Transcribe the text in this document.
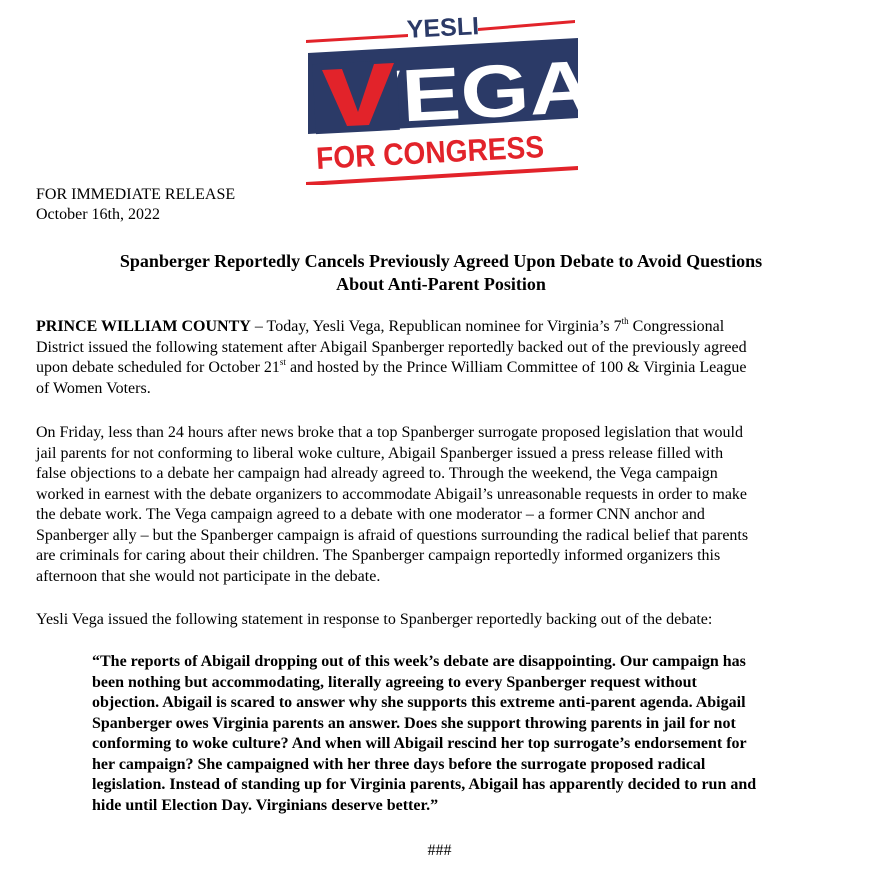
YESLI
VEGA
FOR CONGRESS
FOR IMMEDIATE RELEASE
October 16th, 2022
Spanberger Reportedly Cancels Previously Agreed Upon Debate to Avoid Questions
About Anti-Parent Position
PRINCE WILLIAM COUNTY – Today, Yesli Vega, Republican nominee for Virginia’s 7th Congressional
District issued the following statement after Abigail Spanberger reportedly backed out of the previously agreed
upon debate scheduled for October 21st and hosted by the Prince William Committee of 100 & Virginia League
of Women Voters.
On Friday, less than 24 hours after news broke that a top Spanberger surrogate proposed legislation that would
jail parents for not conforming to liberal woke culture, Abigail Spanberger issued a press release filled with
false objections to a debate her campaign had already agreed to. Through the weekend, the Vega campaign
worked in earnest with the debate organizers to accommodate Abigail’s unreasonable requests in order to make
the debate work. The Vega campaign agreed to a debate with one moderator – a former CNN anchor and
Spanberger ally – but the Spanberger campaign is afraid of questions surrounding the radical belief that parents
are criminals for caring about their children. The Spanberger campaign reportedly informed organizers this
afternoon that she would not participate in the debate.
Yesli Vega issued the following statement in response to Spanberger reportedly backing out of the debate:
“The reports of Abigail dropping out of this week’s debate are disappointing. Our campaign has
been nothing but accommodating, literally agreeing to every Spanberger request without
objection. Abigail is scared to answer why she supports this extreme anti-parent agenda. Abigail
Spanberger owes Virginia parents an answer. Does she support throwing parents in jail for not
conforming to woke culture? And when will Abigail rescind her top surrogate’s endorsement for
her campaign? She campaigned with her three days before the surrogate proposed radical
legislation. Instead of standing up for Virginia parents, Abigail has apparently decided to run and
hide until Election Day. Virginians deserve better.”
###
